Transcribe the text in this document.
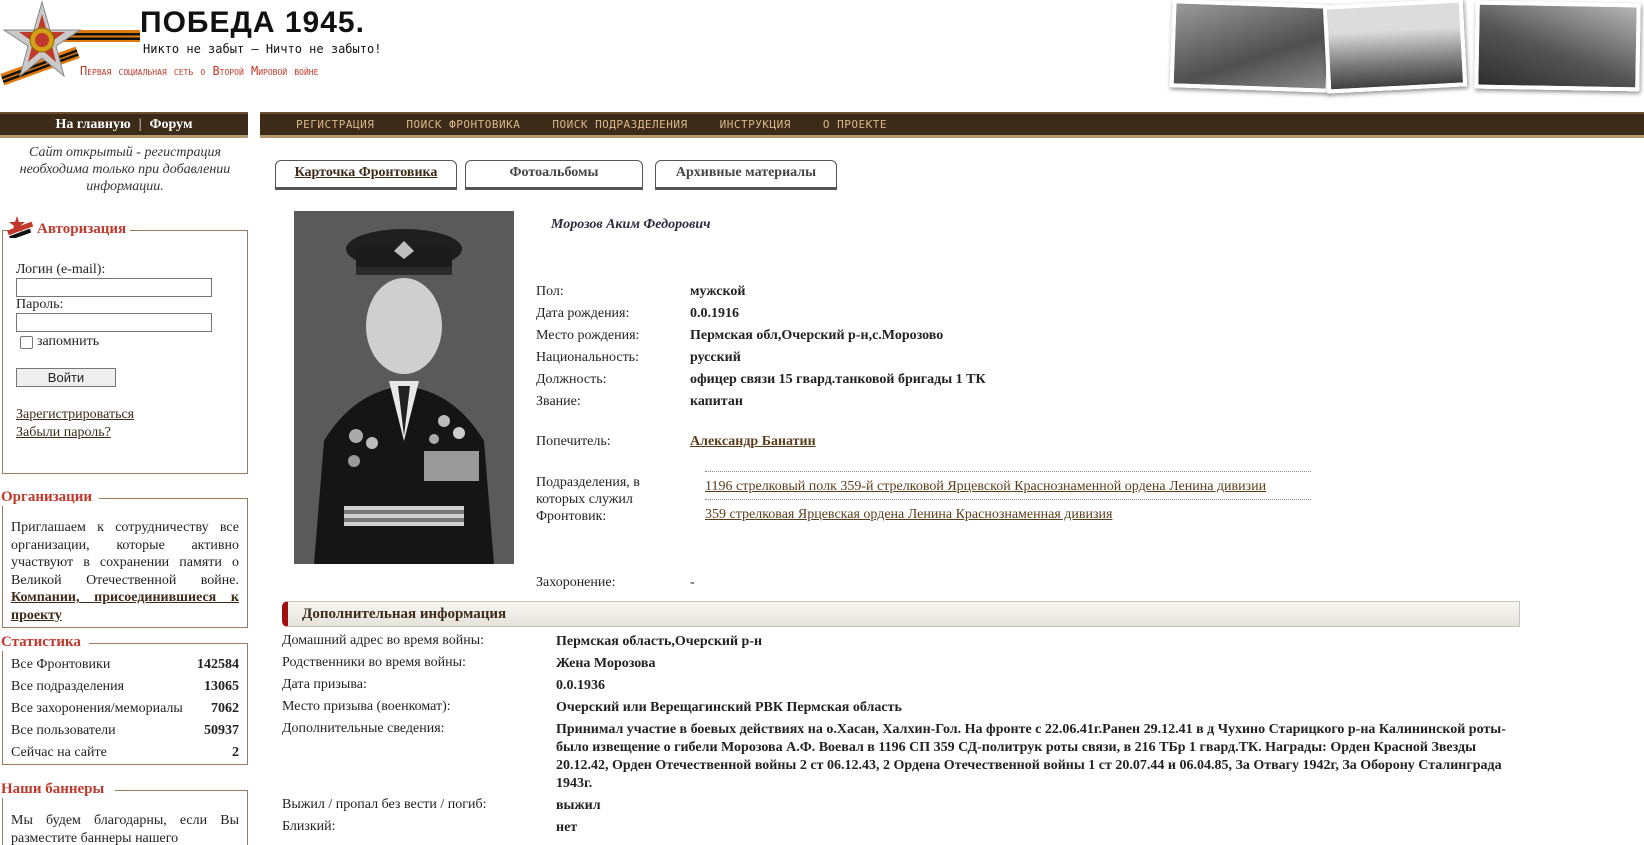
ПОБЕДА 1945.
Никто не забыт – Ничто не забыто!
Первая социальная сеть о Второй Мировой войне
На главную | Форум	РЕГИСТРАЦИЯ	ПОИСК ФРОНТОВИКА	ПОИСК ПОДРАЗДЕЛЕНИЯ	ИНСТРУКЦИЯ	О ПРОЕКТЕ
Сайт открытый - регистрация необходима только при добавлении информации.
Авторизация
Логин (e-mail):
Пароль:
запомнить
Войти
Зарегистрироваться
Забыли пароль?
Организации
Приглашаем к сотрудничеству все организации, которые активно участвуют в сохранении памяти о Великой Отечественной войне. Компании, присоединившиеся к проекту
Статистика
Все Фронтовики	142584
Все подразделения	13065
Все захоронения/мемориалы 7062
Все пользователи	50937
Сейчас на сайте	2
Наши баннеры
Мы будем благодарны, если Вы разместите баннеры нашего
Карточка Фронтовика	Фотоальбомы	Архивные материалы
Морозов Аким Федорович
Пол:	мужской
Дата рождения:	0.0.1916
Место рождения:	Пермская обл,Очерский р-н,с.Морозово
Национальность:	русский
Должность:	офицер связи 15 гвард.танковой бригады 1 ТК
Звание:	капитан
Попечитель:	Александр Банатин
Подразделения, в которых служил Фронтовик:
1196 стрелковый полк 359-й стрелковой Ярцевской Краснознаменной ордена Ленина дивизии
359 стрелковая Ярцевская ордена Ленина Краснознаменная дивизия
Захоронение:	-
Дополнительная информация
Домашний адрес во время войны:	Пермская область,Очерский р-н
Родственники во время войны:	Жена Морозова
Дата призыва:	0.0.1936
Место призыва (военкомат):	Очерский или Верещагинский РВК Пермская область
Дополнительные сведения:	Принимал участие в боевых действиях на о.Хасан, Халхин-Гол. На фронте с 22.06.41г.Ранен 29.12.41 в д Чухино Старицкого р-на Калининской роты- было извещение о гибели Морозова А.Ф. Воевал в 1196 СП 359 СД-политрук роты связи, в 216 ТБр 1 гвард.ТК. Награды: Орден Красной Звезды 20.12.42, Орден Отечественной войны 2 ст 06.12.43, 2 Ордена Отечественной войны 1 ст 20.07.44 и 06.04.85, За Отвагу 1942г, За Оборону Сталинграда 1943г.
Выжил / пропал без вести / погиб:	выжил
Близкий:	нет
